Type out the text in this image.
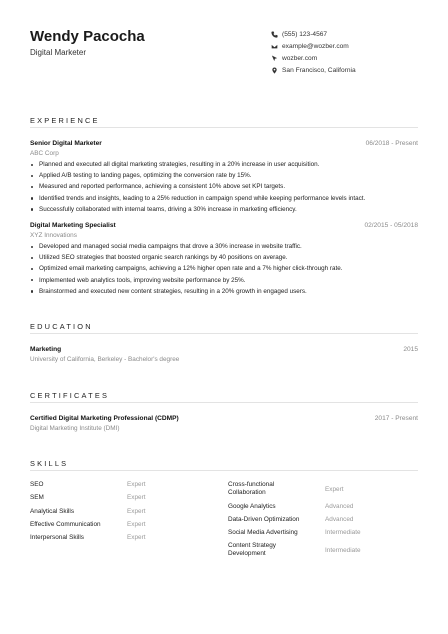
Wendy Pacocha
Digital Marketer
(555) 123-4567
example@wozber.com
wozber.com
San Francisco, California
EXPERIENCE
Senior Digital Marketer	06/2018 - Present
ABC Corp
Planned and executed all digital marketing strategies, resulting in a 20% increase in user acquisition.
Applied A/B testing to landing pages, optimizing the conversion rate by 15%.
Measured and reported performance, achieving a consistent 10% above set KPI targets.
Identified trends and insights, leading to a 25% reduction in campaign spend while keeping performance levels intact.
Successfully collaborated with internal teams, driving a 30% increase in marketing efficiency.
Digital Marketing Specialist	02/2015 - 05/2018
XYZ Innovations
Developed and managed social media campaigns that drove a 30% increase in website traffic.
Utilized SEO strategies that boosted organic search rankings by 40 positions on average.
Optimized email marketing campaigns, achieving a 12% higher open rate and a 7% higher click-through rate.
Implemented web analytics tools, improving website performance by 25%.
Brainstormed and executed new content strategies, resulting in a 20% growth in engaged users.
EDUCATION
Marketing	2015
University of California, Berkeley - Bachelor's degree
CERTIFICATES
Certified Digital Marketing Professional (CDMP)	2017 - Present
Digital Marketing Institute (DMI)
SKILLS
SEO	Expert
SEM	Expert
Analytical Skills	Expert
Effective Communication	Expert
Interpersonal Skills	Expert
Cross-functional Collaboration	Expert
Google Analytics	Advanced
Data-Driven Optimization	Advanced
Social Media Advertising	Intermediate
Content Strategy Development	Intermediate
